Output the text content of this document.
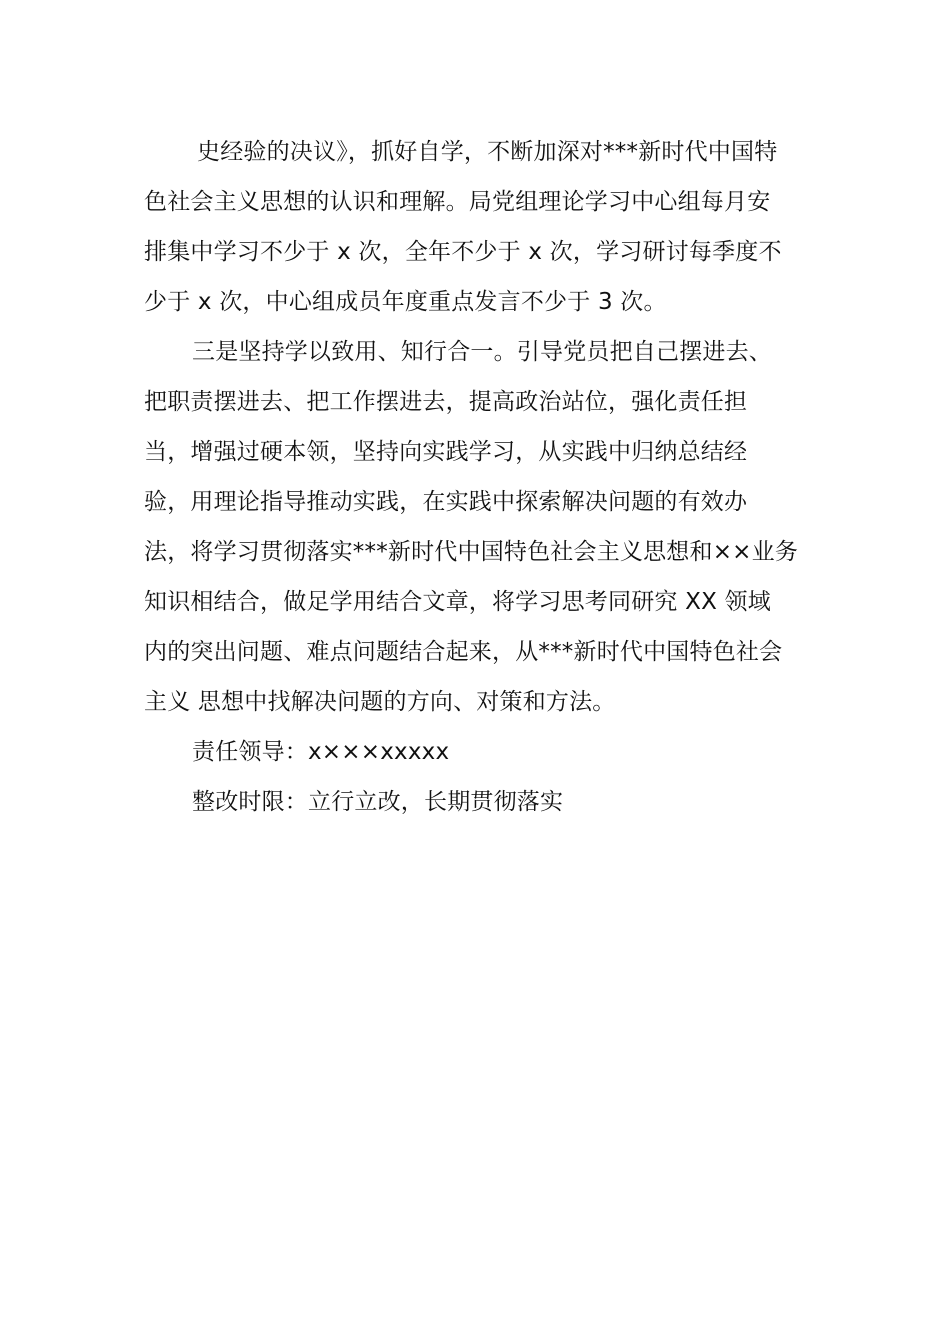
史经验的决议》，抓好自学，不断加深对***新时代中国特
色社会主义思想的认识和理解。局党组理论学习中心组每月安
排集中学习不少于 x 次，全年不少于 x 次，学习研讨每季度不
少于 x 次，中心组成员年度重点发言不少于 3 次。
三是坚持学以致用、知行合一。引导党员把自己摆进去、
把职责摆进去、把工作摆进去，提高政治站位，强化责任担
当，增强过硬本领，坚持向实践学习，从实践中归纳总结经
验，用理论指导推动实践，在实践中探索解决问题的有效办
法，将学习贯彻落实***新时代中国特色社会主义思想和××业务
知识相结合，做足学用结合文章，将学习思考同研究 XX 领域
内的突出问题、难点问题结合起来，从***新时代中国特色社会
主义 思想中找解决问题的方向、对策和方法。
责任领导：x×××xxxxx
整改时限：立行立改，长期贯彻落实
